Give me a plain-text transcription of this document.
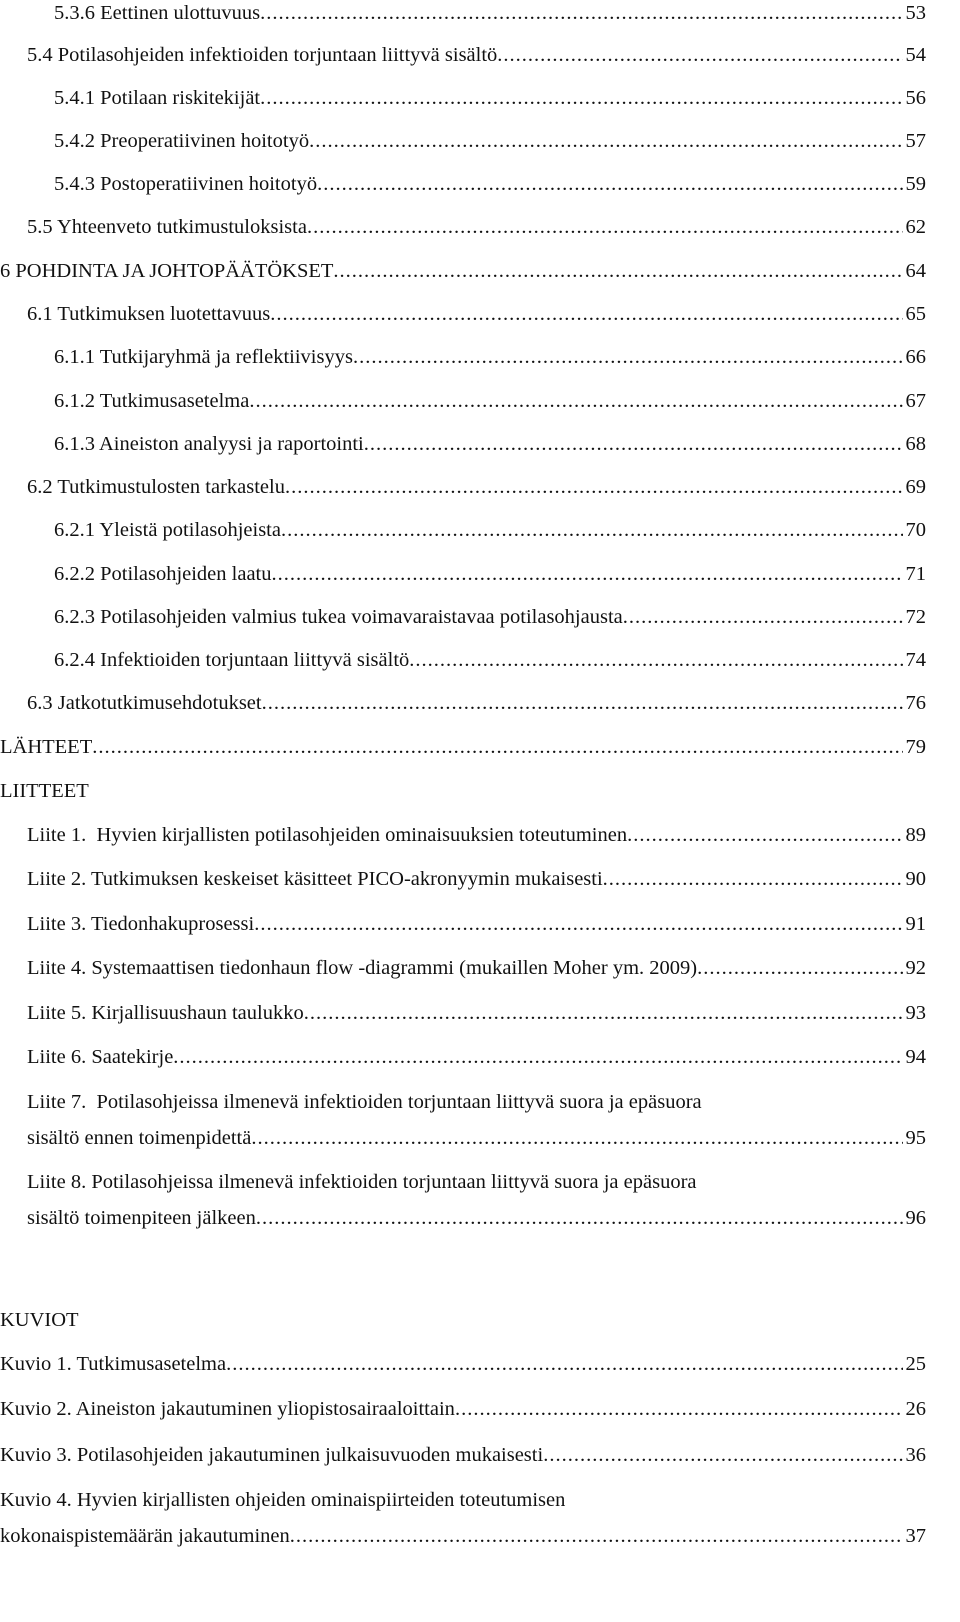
5.3.6 Eettinen ulottuvuus .....	53
5.4 Potilasohjeiden infektioiden torjuntaan liittyvä sisältö .....	54
5.4.1 Potilaan riskitekijät .....	56
5.4.2 Preoperatiivinen hoitotyö .....	57
5.4.3 Postoperatiivinen hoitotyö .....	59
5.5 Yhteenveto tutkimustuloksista .....	62
6 POHDINTA JA JOHTOPÄÄTÖKSET .....	64
6.1 Tutkimuksen luotettavuus .....	65
6.1.1 Tutkijaryhmä ja reflektiivisyys .....	66
6.1.2 Tutkimusasetelma .....	67
6.1.3 Aineiston analyysi ja raportointi .....	68
6.2 Tutkimustulosten tarkastelu .....	69
6.2.1 Yleistä potilasohjeista .....	70
6.2.2 Potilasohjeiden laatu .....	71
6.2.3 Potilasohjeiden valmius tukea voimavaraistavaa potilasohjausta .....	72
6.2.4 Infektioiden torjuntaan liittyvä sisältö .....	74
6.3 Jatkotutkimusehdotukset .....	76
LÄHTEET .....	79
LIITTEET
Liite 1.  Hyvien kirjallisten potilasohjeiden ominaisuuksien toteutuminen .....	89
Liite 2. Tutkimuksen keskeiset käsitteet PICO-akronyymin mukaisesti .....	90
Liite 3. Tiedonhakuprosessi .....	91
Liite 4. Systemaattisen tiedonhaun flow -diagrammi (mukaillen Moher ym. 2009) .....	92
Liite 5. Kirjallisuushaun taulukko .....	93
Liite 6. Saatekirje .....	94
Liite 7.  Potilasohjeissa ilmenevä infektioiden torjuntaan liittyvä suora ja epäsuora
sisältö ennen toimenpidettä .....	95
Liite 8. Potilasohjeissa ilmenevä infektioiden torjuntaan liittyvä suora ja epäsuora
sisältö toimenpiteen jälkeen .....	96
KUVIOT
Kuvio 1. Tutkimusasetelma .....	25
Kuvio 2. Aineiston jakautuminen yliopistosairaaloittain .....	26
Kuvio 3. Potilasohjeiden jakautuminen julkaisuvuoden mukaisesti .....	36
Kuvio 4. Hyvien kirjallisten ohjeiden ominaispiirteiden toteutumisen
kokonaispistemäärän jakautuminen .....	37
